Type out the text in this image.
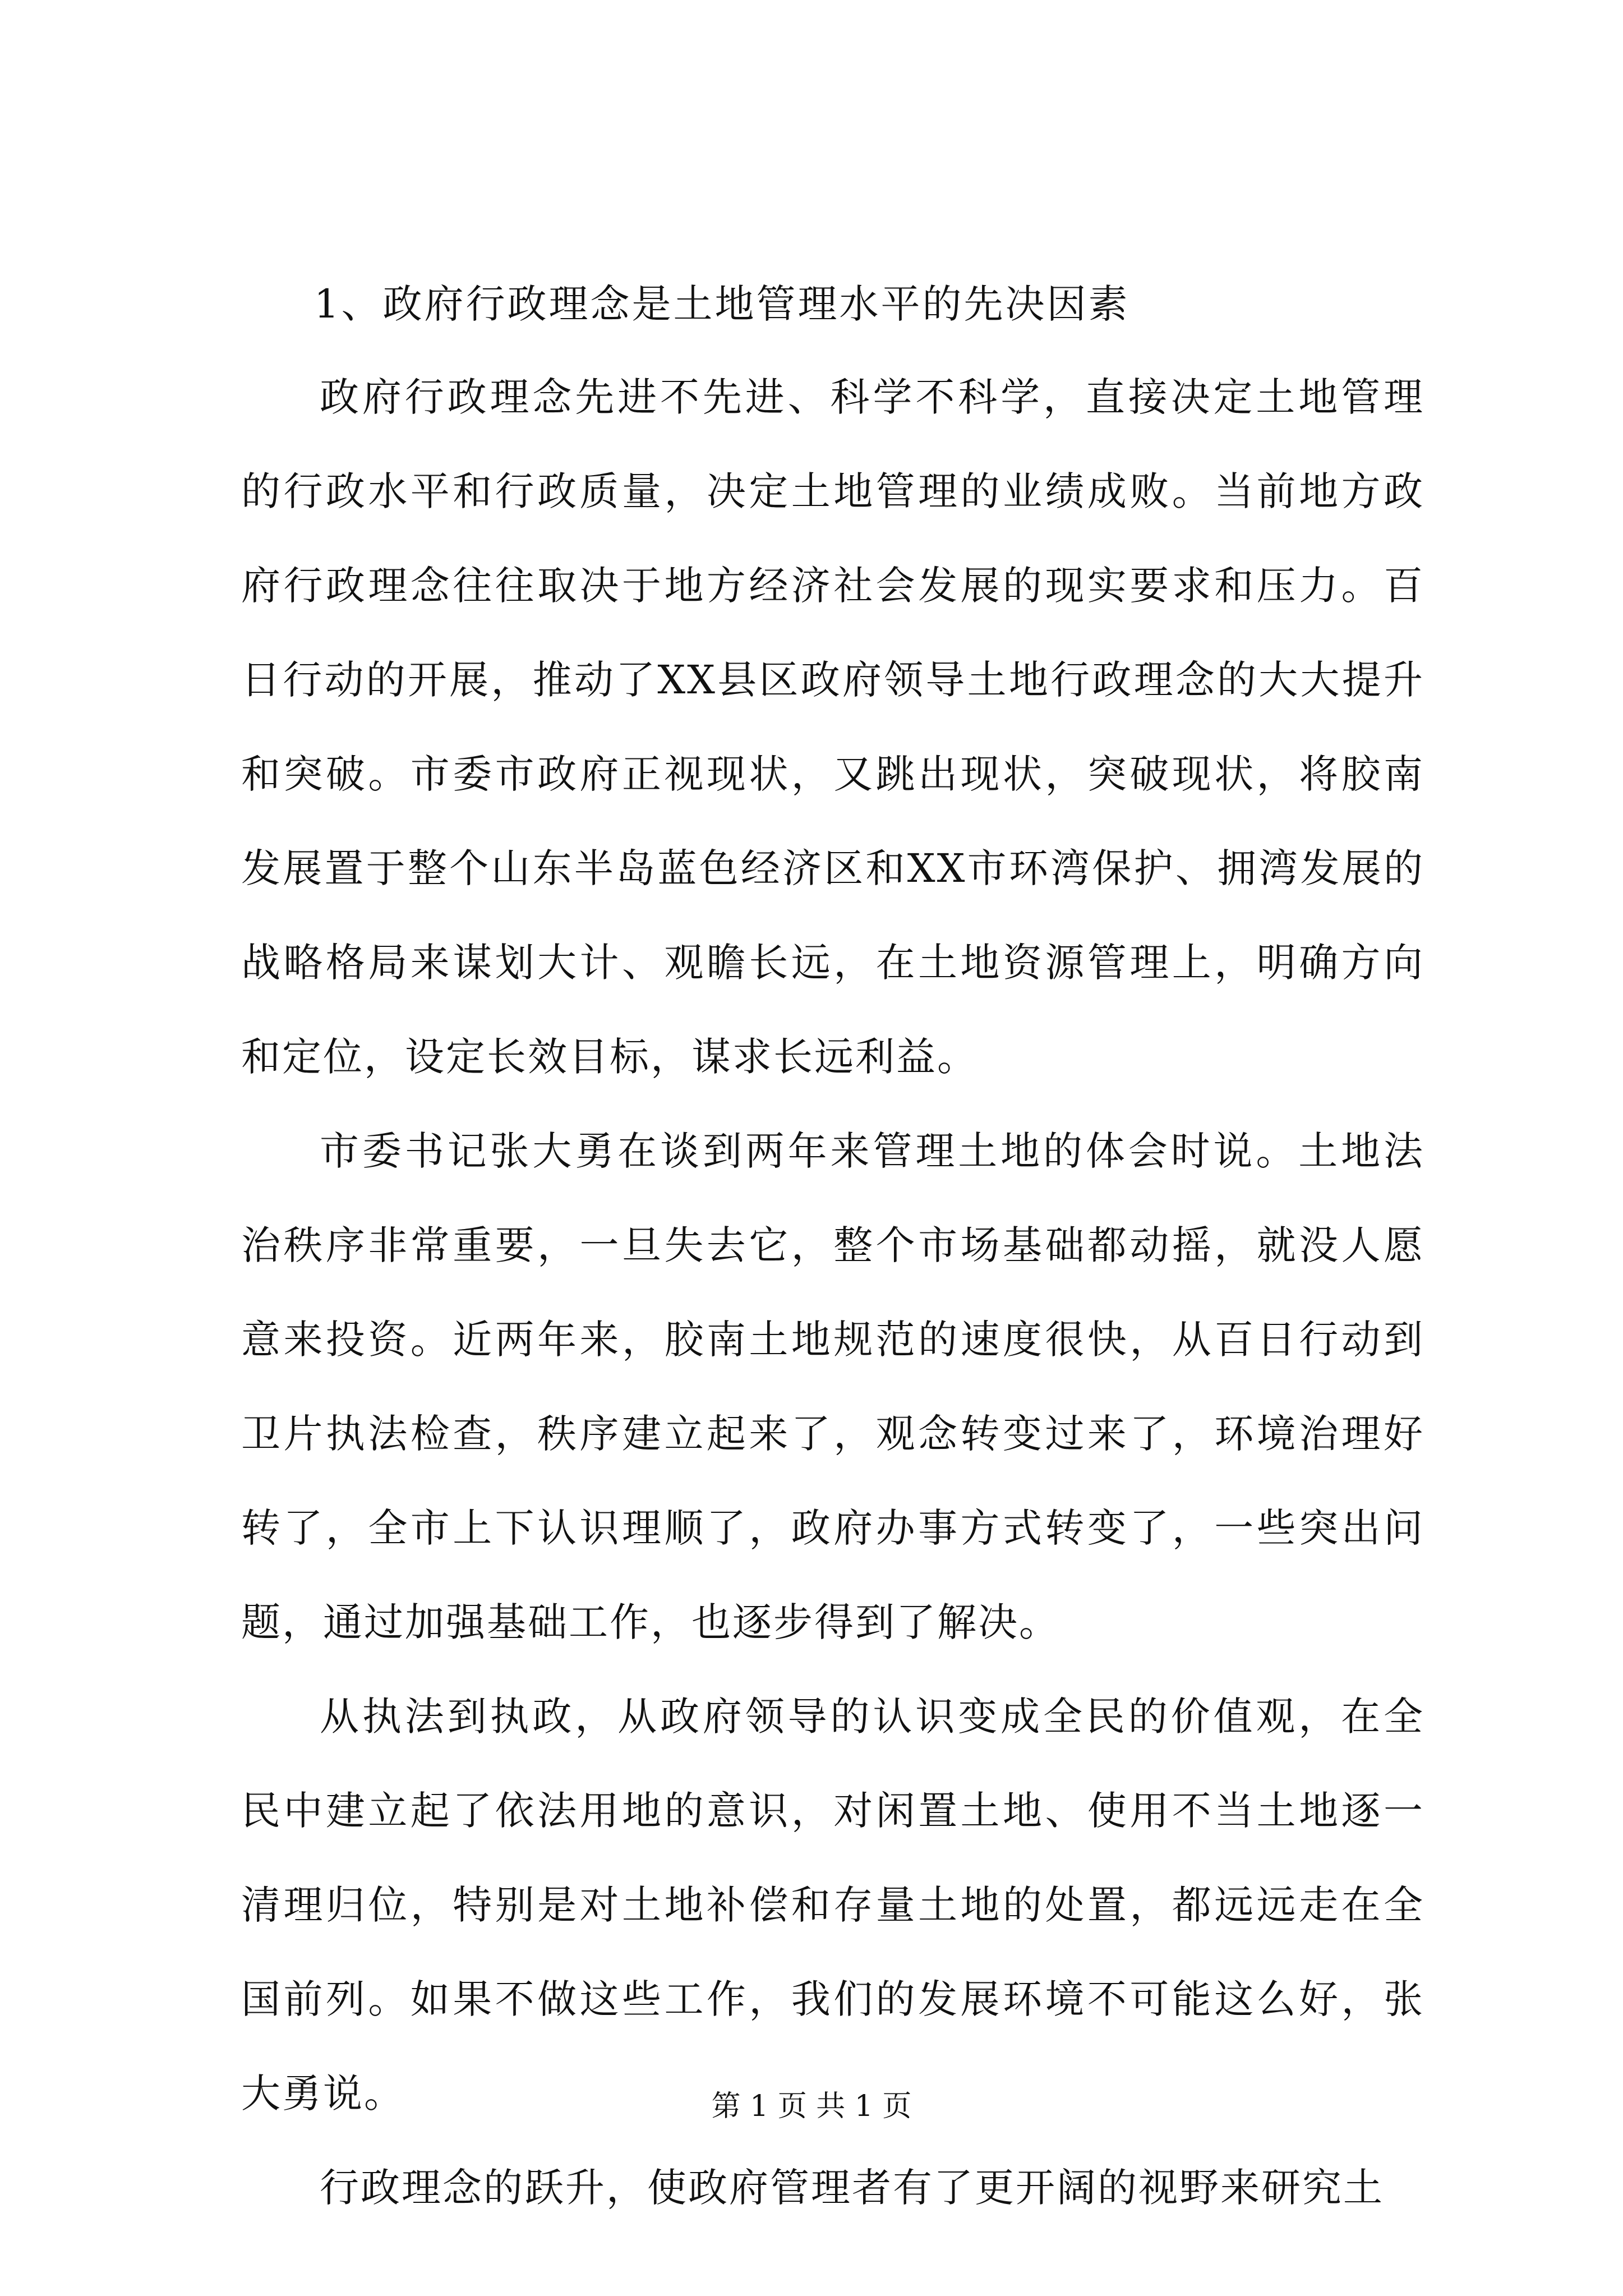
1、政府行政理念是土地管理水平的先决因素

政府行政理念先进不先进、科学不科学，直接决定土地管理的行政水平和行政质量，决定土地管理的业绩成败。当前地方政府行政理念往往取决于地方经济社会发展的现实要求和压力。百日行动的开展，推动了XX县区政府领导土地行政理念的大大提升和突破。市委市政府正视现状，又跳出现状，突破现状，将胶南发展置于整个山东半岛蓝色经济区和XX市环湾保护、拥湾发展的战略格局来谋划大计、观瞻长远，在土地资源管理上，明确方向和定位，设定长效目标，谋求长远利益。

市委书记张大勇在谈到两年来管理土地的体会时说。土地法治秩序非常重要，一旦失去它，整个市场基础都动摇，就没人愿意来投资。近两年来，胶南土地规范的速度很快，从百日行动到卫片执法检查，秩序建立起来了，观念转变过来了，环境治理好转了，全市上下认识理顺了，政府办事方式转变了，一些突出问题，通过加强基础工作，也逐步得到了解决。

从执法到执政，从政府领导的认识变成全民的价值观，在全民中建立起了依法用地的意识，对闲置土地、使用不当土地逐一清理归位，特别是对土地补偿和存量土地的处置，都远远走在全国前列。如果不做这些工作，我们的发展环境不可能这么好，张大勇说。

行政理念的跃升，使政府管理者有了更开阔的视野来研究土

第 1 页 共 1 页
